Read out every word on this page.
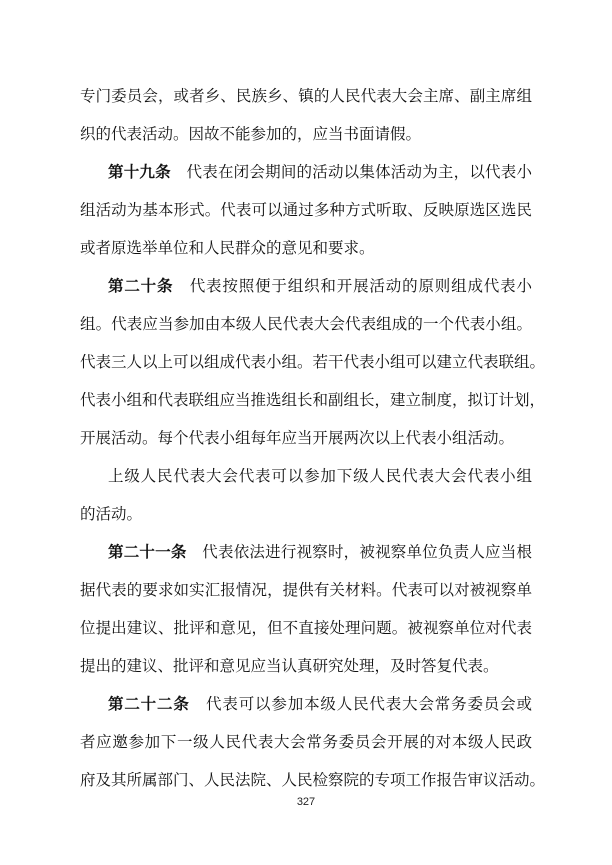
专门委员会，或者乡、民族乡、镇的人民代表大会主席、副主席组
织的代表活动。因故不能参加的，应当书面请假。
第十九条　代表在闭会期间的活动以集体活动为主，以代表小
组活动为基本形式。代表可以通过多种方式听取、反映原选区选民
或者原选举单位和人民群众的意见和要求。
第二十条　代表按照便于组织和开展活动的原则组成代表小
组。代表应当参加由本级人民代表大会代表组成的一个代表小组。
代表三人以上可以组成代表小组。若干代表小组可以建立代表联组。
代表小组和代表联组应当推选组长和副组长，建立制度，拟订计划，
开展活动。每个代表小组每年应当开展两次以上代表小组活动。
上级人民代表大会代表可以参加下级人民代表大会代表小组
的活动。
第二十一条　代表依法进行视察时，被视察单位负责人应当根
据代表的要求如实汇报情况，提供有关材料。代表可以对被视察单
位提出建议、批评和意见，但不直接处理问题。被视察单位对代表
提出的建议、批评和意见应当认真研究处理，及时答复代表。
第二十二条　代表可以参加本级人民代表大会常务委员会或
者应邀参加下一级人民代表大会常务委员会开展的对本级人民政
府及其所属部门、人民法院、人民检察院的专项工作报告审议活动。
327
